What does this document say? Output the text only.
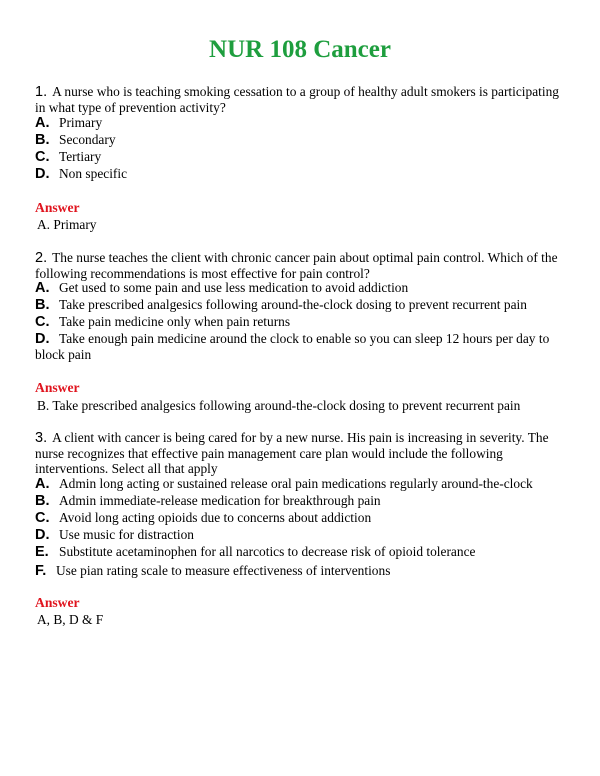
NUR 108 Cancer

1. A nurse who is teaching smoking cessation to a group of healthy adult smokers is participating in what type of prevention activity?

A. Primary

B. Secondary

C. Tertiary

D. Non specific

Answer

A. Primary

2. The nurse teaches the client with chronic cancer pain about optimal pain control. Which of the following recommendations is most effective for pain control?

A. Get used to some pain and use less medication to avoid addiction

B. Take prescribed analgesics following around-the-clock dosing to prevent recurrent pain

C. Take pain medicine only when pain returns

D. Take enough pain medicine around the clock to enable so you can sleep 12 hours per day to block pain

Answer

B. Take prescribed analgesics following around-the-clock dosing to prevent recurrent pain

3. A client with cancer is being cared for by a new nurse. His pain is increasing in severity. The nurse recognizes that effective pain management care plan would include the following interventions. Select all that apply

A. Admin long acting or sustained release oral pain medications regularly around-the-clock

B. Admin immediate-release medication for breakthrough pain

C. Avoid long acting opioids due to concerns about addiction

D. Use music for distraction

E. Substitute acetaminophen for all narcotics to decrease risk of opioid tolerance

F. Use pian rating scale to measure effectiveness of interventions

Answer

A, B, D & F
